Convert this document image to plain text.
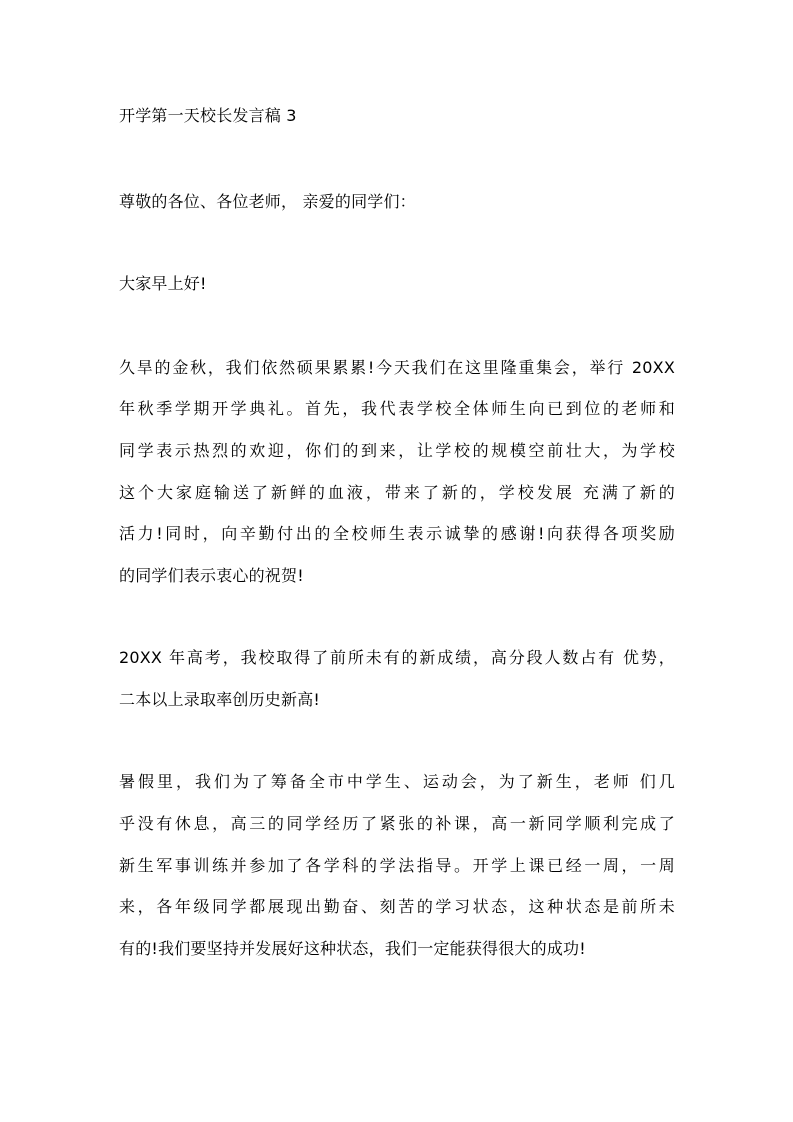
开学第一天校长发言稿 3
尊敬的各位、各位老师， 亲爱的同学们：
大家早上好!
久旱的金秋，我们依然硕果累累!今天我们在这里隆重集会，举行 20XX
年秋季学期开学典礼。首先，我代表学校全体师生向已到位的老师和
同学表示热烈的欢迎，你们的到来，让学校的规模空前壮大，为学校
这个大家庭输送了新鲜的血液，带来了新的，学校发展 充满了新的
活力!同时，向辛勤付出的全校师生表示诚挚的感谢!向获得各项奖励
的同学们表示衷心的祝贺!
20XX 年高考，我校取得了前所未有的新成绩，高分段人数占有 优势，
二本以上录取率创历史新高!
暑假里，我们为了筹备全市中学生、运动会，为了新生，老师 们几
乎没有休息，高三的同学经历了紧张的补课，高一新同学顺利完成了
新生军事训练并参加了各学科的学法指导。开学上课已经一周，一周
来，各年级同学都展现出勤奋、刻苦的学习状态，这种状态是前所未
有的!我们要坚持并发展好这种状态，我们一定能获得很大的成功!
